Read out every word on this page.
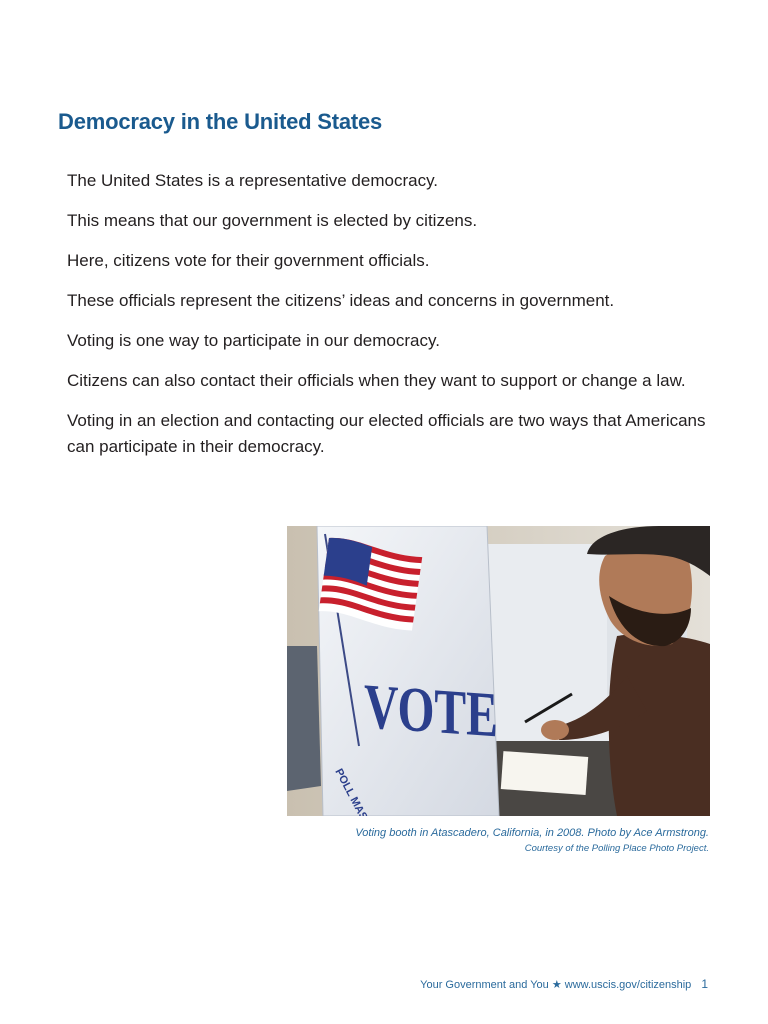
Democracy in the United States

The United States is a representative democracy.

This means that our government is elected by citizens.

Here, citizens vote for their government officials.

These officials represent the citizens’ ideas and concerns in government.

Voting is one way to participate in our democracy.

Citizens can also contact their officials when they want to support or change a law.

Voting in an election and contacting our elected officials are two ways that Americans can participate in their democracy.

VOTE
Voting booth in Atascadero, California, in 2008. Photo by Ace Armstrong.
Courtesy of the Polling Place Photo Project.
Your Government and You ★ www.uscis.gov/citizenship 1
